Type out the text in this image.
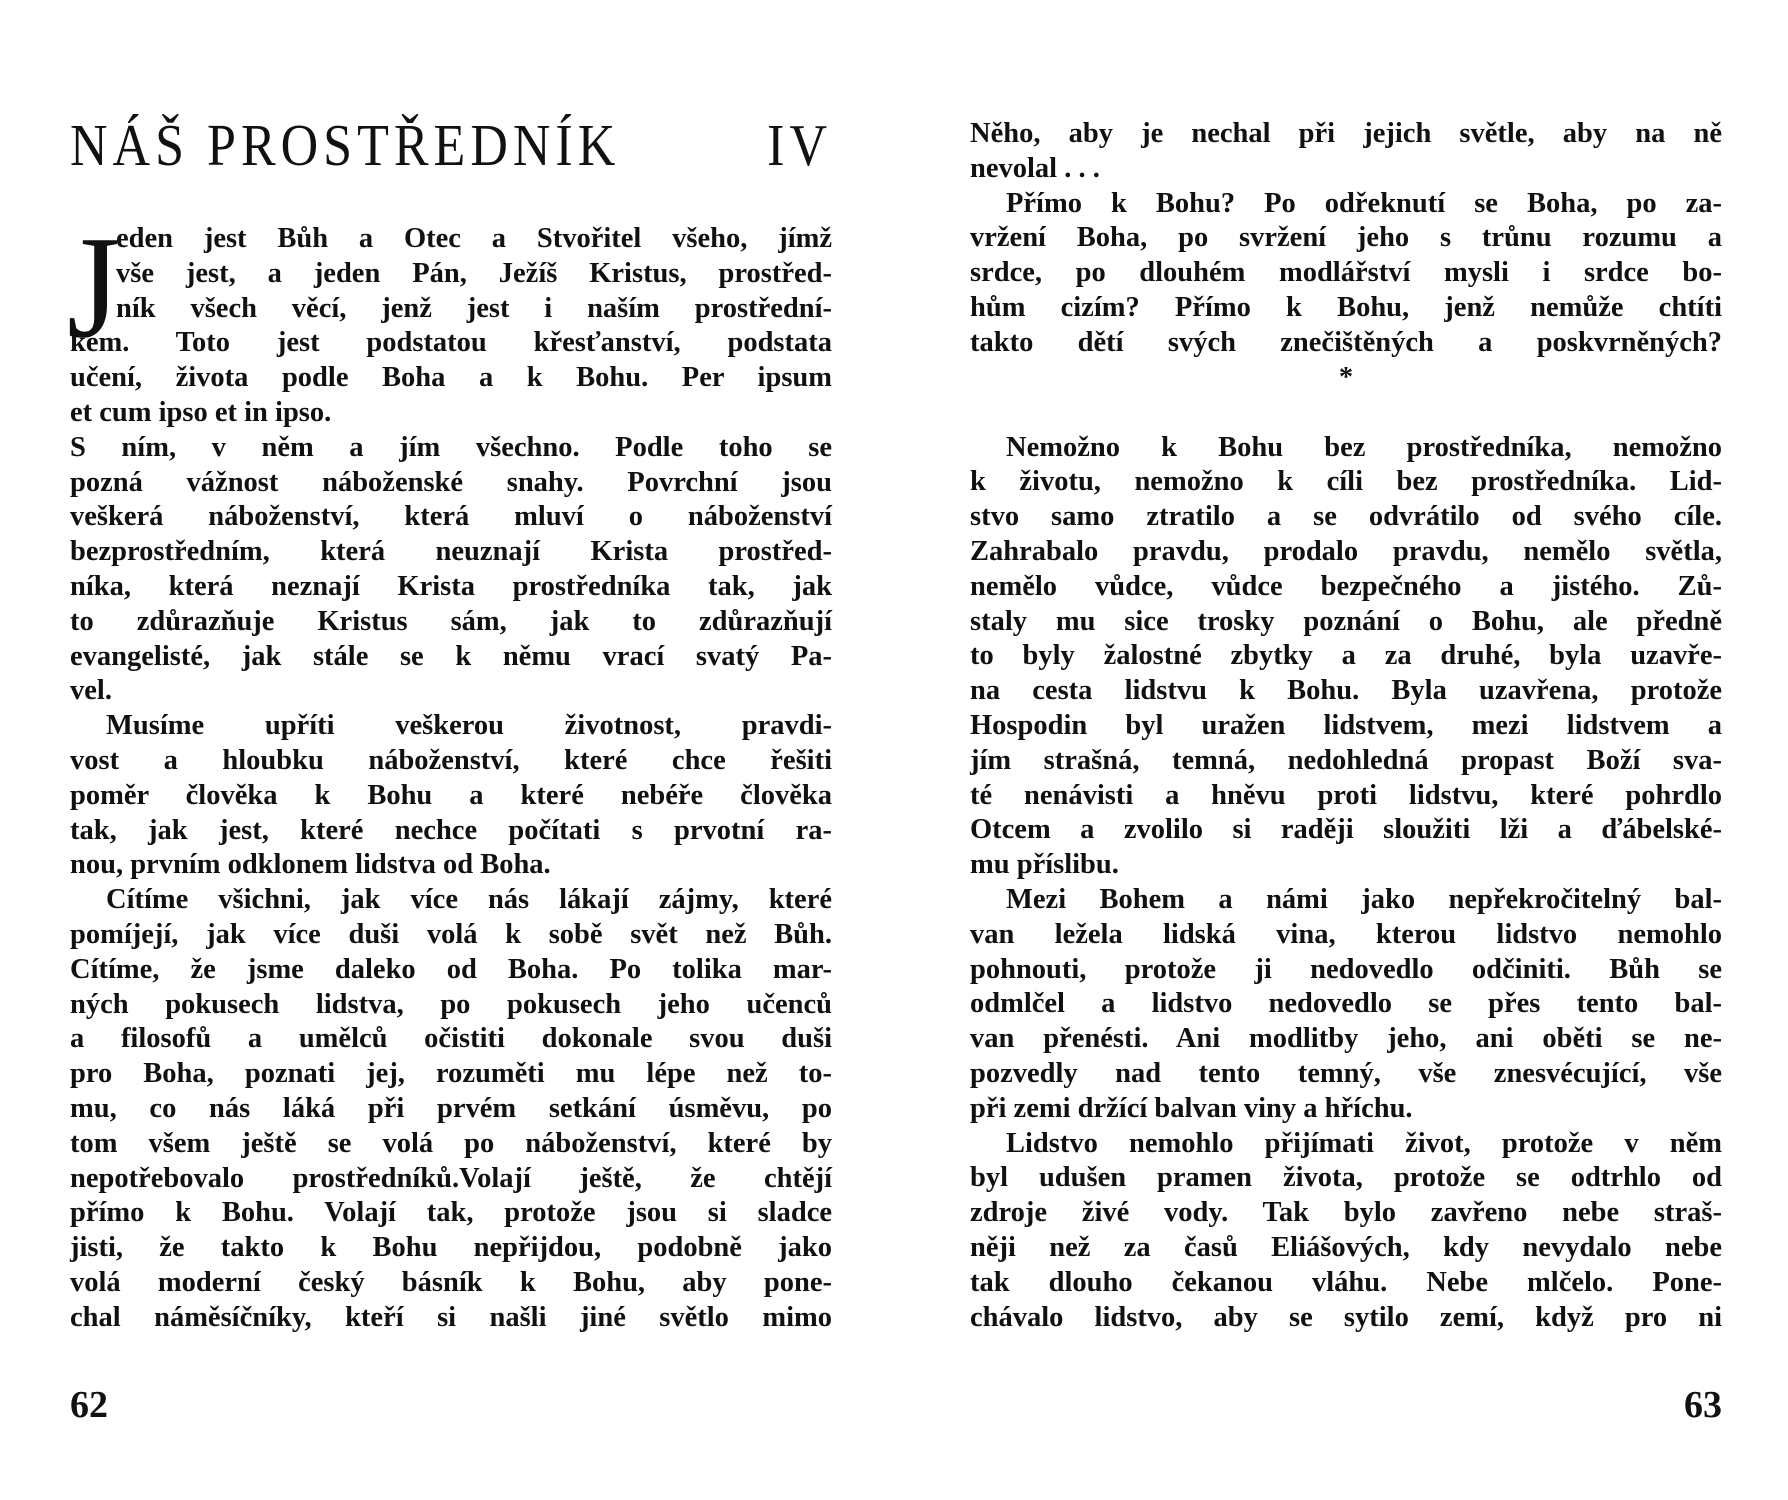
NÁŠ PROSTŘEDNÍK	IV
J
eden jest Bůh a Otec a Stvořitel všeho, jímž
vše jest, a jeden Pán, Ježíš Kristus, prostřed-
ník všech věcí, jenž jest i naším prostřední-
kem. Toto jest podstatou křesťanství, podstata
učení, života podle Boha a k Bohu. Per ipsum
et cum ipso et in ipso.
S ním, v něm a jím všechno. Podle toho se
pozná vážnost náboženské snahy. Povrchní jsou
veškerá náboženství, která mluví o náboženství
bezprostředním, která neuznají Krista prostřed-
níka, která neznají Krista prostředníka tak, jak
to zdůrazňuje Kristus sám, jak to zdůrazňují
evangelisté, jak stále se k němu vrací svatý Pa-
vel.
Musíme upříti veškerou životnost, pravdi-
vost a hloubku náboženství, které chce řešiti
poměr člověka k Bohu a které nebéře člověka
tak, jak jest, které nechce počítati s prvotní ra-
nou, prvním odklonem lidstva od Boha.
Cítíme všichni, jak více nás lákají zájmy, které
pomíjejí, jak více duši volá k sobě svět než Bůh.
Cítíme, že jsme daleko od Boha. Po tolika mar-
ných pokusech lidstva, po pokusech jeho učenců
a filosofů a umělců očistiti dokonale svou duši
pro Boha, poznati jej, rozuměti mu lépe než to-
mu, co nás láká při prvém setkání úsměvu, po
tom všem ještě se volá po náboženství, které by
nepotřebovalo prostředníků.Volají ještě, že chtějí
přímo k Bohu. Volají tak, protože jsou si sladce
jisti, že takto k Bohu nepřijdou, podobně jako
volá moderní český básník k Bohu, aby pone-
chal náměsíčníky, kteří si našli jiné světlo mimo
62
Něho, aby je nechal při jejich světle, aby na ně
nevolal . . .
Přímo k Bohu? Po odřeknutí se Boha, po za-
vržení Boha, po svržení jeho s trůnu rozumu a
srdce, po dlouhém modlářství mysli i srdce bo-
hům cizím? Přímo k Bohu, jenž nemůže chtíti
takto dětí svých znečištěných a poskvrněných?
*
Nemožno k Bohu bez prostředníka, nemožno
k životu, nemožno k cíli bez prostředníka. Lid-
stvo samo ztratilo a se odvrátilo od svého cíle.
Zahrabalo pravdu, prodalo pravdu, nemělo světla,
nemělo vůdce, vůdce bezpečného a jistého. Zů-
staly mu sice trosky poznání o Bohu, ale předně
to byly žalostné zbytky a za druhé, byla uzavře-
na cesta lidstvu k Bohu. Byla uzavřena, protože
Hospodin byl uražen lidstvem, mezi lidstvem a
jím strašná, temná, nedohledná propast Boží sva-
té nenávisti a hněvu proti lidstvu, které pohrdlo
Otcem a zvolilo si raději sloužiti lži a ďábelské-
mu příslibu.
Mezi Bohem a námi jako nepřekročitelný bal-
van ležela lidská vina, kterou lidstvo nemohlo
pohnouti, protože ji nedovedlo odčiniti. Bůh se
odmlčel a lidstvo nedovedlo se přes tento bal-
van přenésti. Ani modlitby jeho, ani oběti se ne-
pozvedly nad tento temný, vše znesvécující, vše
při zemi držící balvan viny a hříchu.
Lidstvo nemohlo přijímati život, protože v něm
byl udušen pramen života, protože se odtrhlo od
zdroje živé vody. Tak bylo zavřeno nebe straš-
něji než za časů Eliášových, kdy nevydalo nebe
tak dlouho čekanou vláhu. Nebe mlčelo. Pone-
chávalo lidstvo, aby se sytilo zemí, když pro ni
63
